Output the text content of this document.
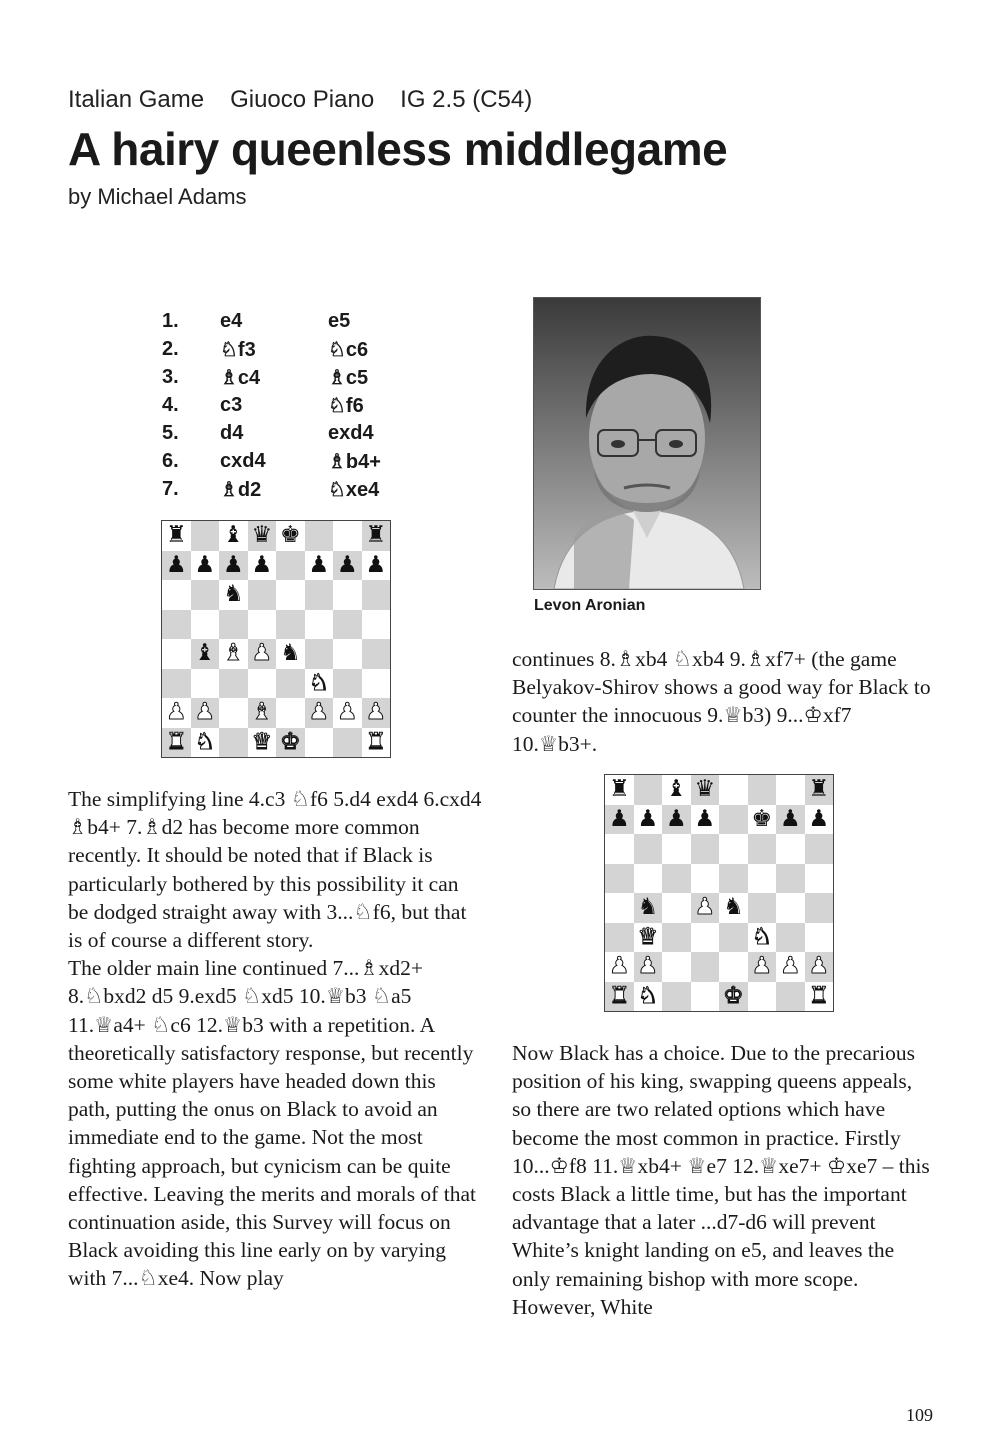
Italian Game Giuoco Piano IG 2.5 (C54)
A hairy queenless middlegame
by Michael Adams
1.	e4	e5
2.	♘f3	♘c6
3.	♗c4	♗c5
4.	c3	♘f6
5.	d4	exd4
6.	cxd4	♗b4+
7.	♗d2	♘xe4
♜ ♝ ♛ ♚	♜
♟ ♟ ♟ ♟ ♟ ♟ ♟
♞
♝ ♝ ♟ ♞
♞
♟ ♟ ♝ ♟ ♟ ♟
♜ ♞ ♛ ♚	♜
Levon Aronian

continues 8.♗xb4 ♘xb4 9.♗xf7+ (the game Belyakov-Shirov shows a good way for Black to counter the innocuous 9.♕b3) 9...♔xf7 10.♕b3+.

♜ ♝ ♛	♜
♟ ♟ ♟ ♟ ♚ ♟ ♟
♞ ♟ ♞
♛	♞
♟ ♟	♟ ♟ ♟
♜ ♞	♚	♜

The simplifying line 4.c3 ♘f6 5.d4 exd4 6.cxd4 ♗b4+ 7.♗d2 has become more common recently. It should be noted that if Black is particularly bothered by this possibility it can be dodged straight away with 3...♘f6, but that is of course a different story.

The older main line continued 7...♗xd2+ 8.♘bxd2 d5 9.exd5 ♘xd5 10.♕b3 ♘a5 11.♕a4+ ♘c6 12.♕b3 with a repetition. A theoretically satisfactory response, but recently some white players have headed down this path, putting the onus on Black to avoid an immediate end to the game. Not the most fighting approach, but cynicism can be quite effective. Leaving the merits and morals of that continuation aside, this Survey will focus on Black avoiding this line early on by varying with 7...♘xe4. Now play

Now Black has a choice. Due to the precarious position of his king, swapping queens appeals, so there are two related options which have become the most common in practice. Firstly 10...♔f8 11.♕xb4+ ♕e7 12.♕xe7+ ♔xe7 – this costs Black a little time, but has the important advantage that a later ...d7-d6 will prevent White’s knight landing on e5, and leaves the only remaining bishop with more scope. However, White

109
